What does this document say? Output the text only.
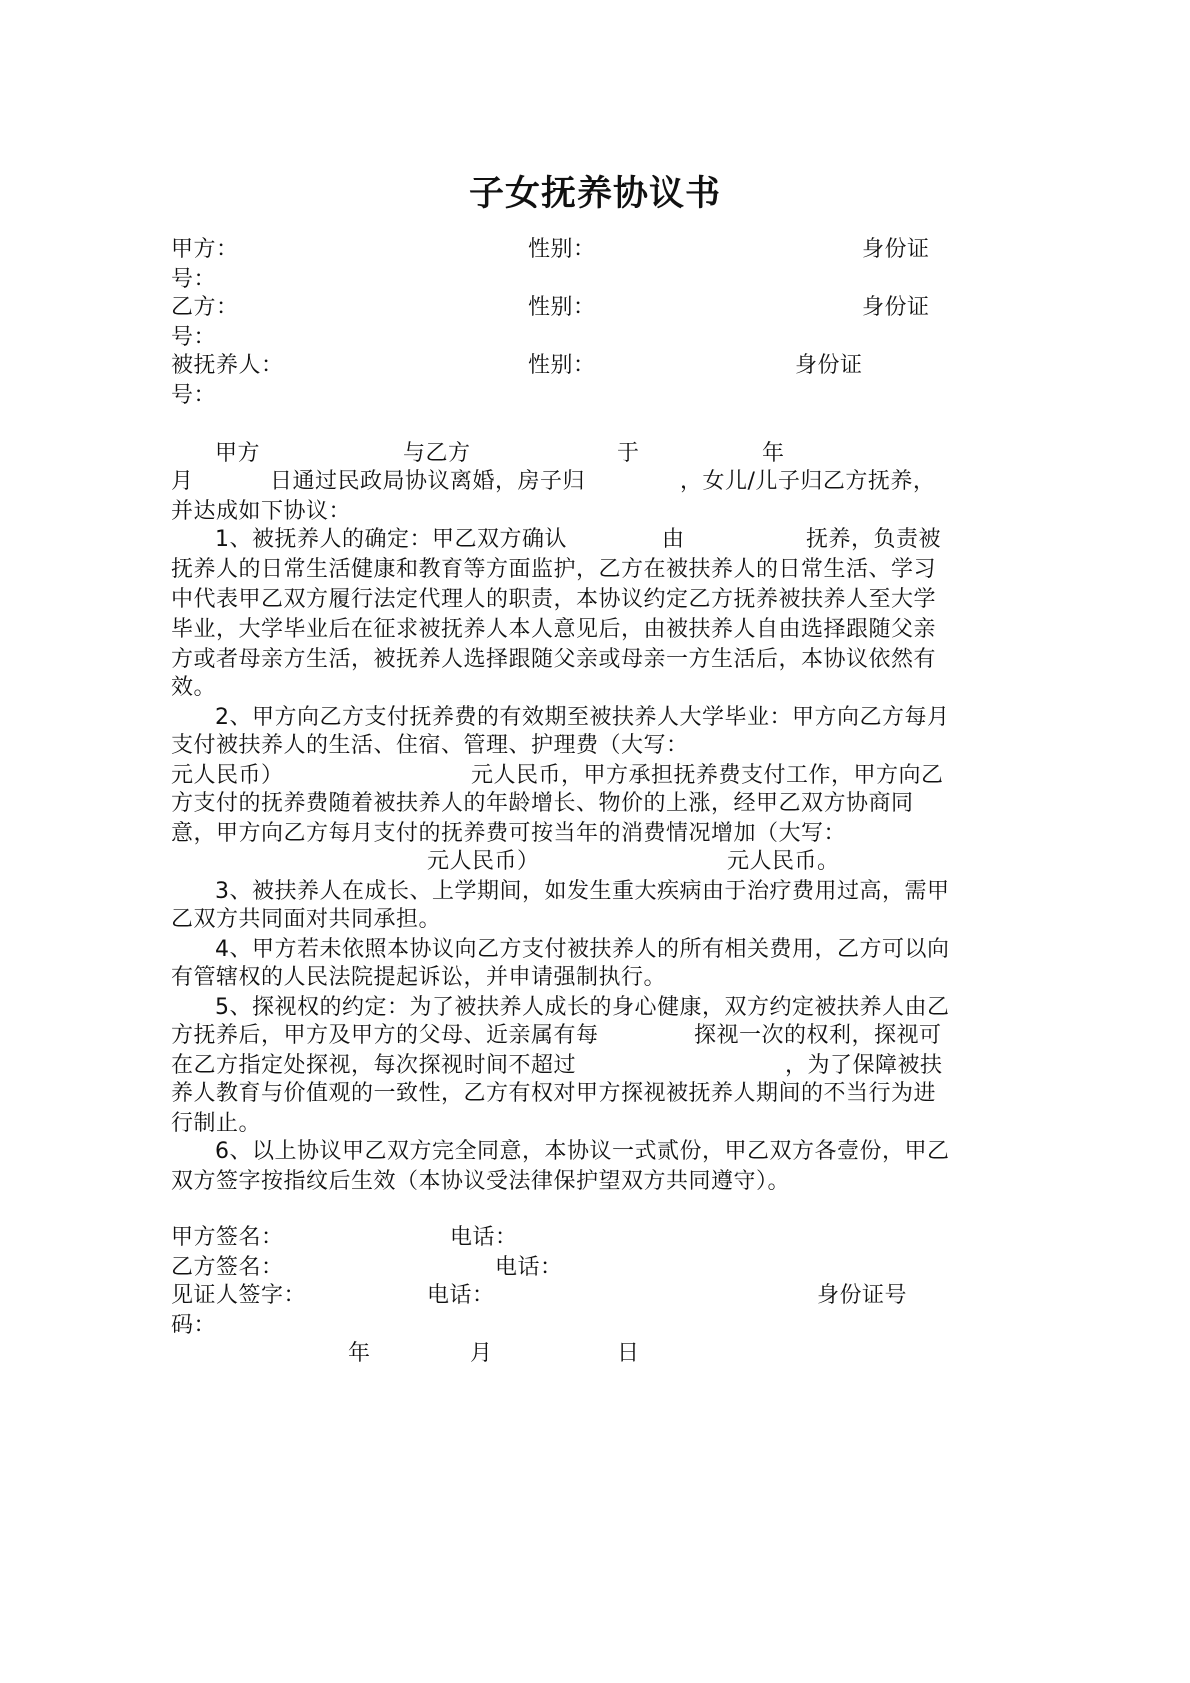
子女抚养协议书
甲方：	性别：	身份证
号：
乙方：	性别：	身份证
号：
被抚养人：	性别：	身份证
号：
甲方	与乙方	于	年
月	日通过民政局协议离婚，房子归	，女儿/儿子归乙方抚养，
并达成如下协议：
1、被抚养人的确定：甲乙双方确认	由	抚养，负责被
抚养人的日常生活健康和教育等方面监护，乙方在被扶养人的日常生活、学习
中代表甲乙双方履行法定代理人的职责，本协议约定乙方抚养被扶养人至大学
毕业，大学毕业后在征求被抚养人本人意见后，由被扶养人自由选择跟随父亲
方或者母亲方生活，被抚养人选择跟随父亲或母亲一方生活后，本协议依然有
效。
2、甲方向乙方支付抚养费的有效期至被扶养人大学毕业：甲方向乙方每月
支付被扶养人的生活、住宿、管理、护理费（大写：
元人民币）	元人民币，甲方承担抚养费支付工作，甲方向乙
方支付的抚养费随着被扶养人的年龄增长、物价的上涨，经甲乙双方协商同
意，甲方向乙方每月支付的抚养费可按当年的消费情况增加（大写：
元人民币）	元人民币。
3、被扶养人在成长、上学期间，如发生重大疾病由于治疗费用过高，需甲
乙双方共同面对共同承担。
4、甲方若未依照本协议向乙方支付被扶养人的所有相关费用，乙方可以向
有管辖权的人民法院提起诉讼，并申请强制执行。
5、探视权的约定：为了被扶养人成长的身心健康，双方约定被扶养人由乙
方抚养后，甲方及甲方的父母、近亲属有每	探视一次的权利，探视可
在乙方指定处探视，每次探视时间不超过	，为了保障被扶
养人教育与价值观的一致性，乙方有权对甲方探视被抚养人期间的不当行为进
行制止。
6、以上协议甲乙双方完全同意，本协议一式贰份，甲乙双方各壹份，甲乙
双方签字按指纹后生效（本协议受法律保护望双方共同遵守）。
甲方签名：	电话：
乙方签名：	电话：
见证人签字：	电话：	身份证号
码：
年	月	日
